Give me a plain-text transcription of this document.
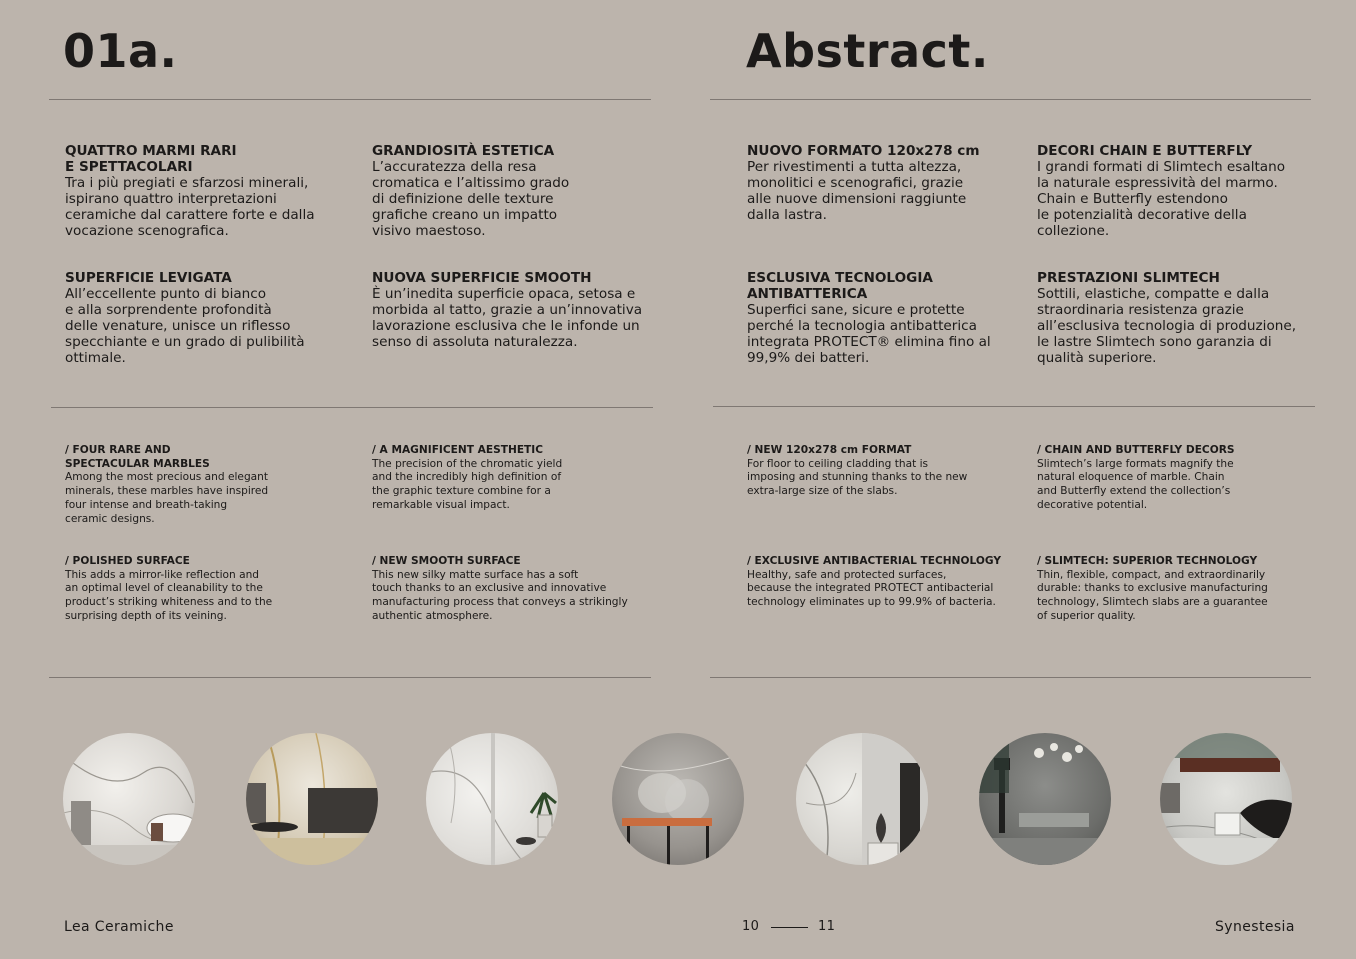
01a.	Abstract.
QUATTRO MARMI RARI
E SPETTACOLARI
Tra i più pregiati e sfarzosi minerali,
ispirano quattro interpretazioni
ceramiche dal carattere forte e dalla
vocazione scenografica.
GRANDIOSITÀ ESTETICA
L’accuratezza della resa
cromatica e l’altissimo grado
di definizione delle texture
grafiche creano un impatto
visivo maestoso.
NUOVO FORMATO 120x278 cm
Per rivestimenti a tutta altezza,
monolitici e scenografici, grazie
alle nuove dimensioni raggiunte
dalla lastra.
DECORI CHAIN E BUTTERFLY
I grandi formati di Slimtech esaltano
la naturale espressività del marmo.
Chain e Butterfly estendono
le potenzialità decorative della
collezione.
SUPERFICIE LEVIGATA
All’eccellente punto di bianco
e alla sorprendente profondità
delle venature, unisce un riflesso
specchiante e un grado di pulibilità
ottimale.
NUOVA SUPERFICIE SMOOTH
È un’inedita superficie opaca, setosa e
morbida al tatto, grazie a un’innovativa
lavorazione esclusiva che le infonde un
senso di assoluta naturalezza.
ESCLUSIVA TECNOLOGIA
ANTIBATTERICA
Superfici sane, sicure e protette
perché la tecnologia antibatterica
integrata PROTECT® elimina fino al
99,9% dei batteri.
PRESTAZIONI SLIMTECH
Sottili, elastiche, compatte e dalla
straordinaria resistenza grazie
all’esclusiva tecnologia di produzione,
le lastre Slimtech sono garanzia di
qualità superiore.
/ FOUR RARE AND
SPECTACULAR MARBLES
Among the most precious and elegant
minerals, these marbles have inspired
four intense and breath-taking
ceramic designs.
/ A MAGNIFICENT AESTHETIC
The precision of the chromatic yield
and the incredibly high definition of
the graphic texture combine for a
remarkable visual impact.
/ NEW 120x278 cm FORMAT
For floor to ceiling cladding that is
imposing and stunning thanks to the new
extra-large size of the slabs.
/ CHAIN AND BUTTERFLY DECORS
Slimtech’s large formats magnify the
natural eloquence of marble. Chain
and Butterfly extend the collection’s
decorative potential.
/ POLISHED SURFACE
This adds a mirror-like reflection and
an optimal level of cleanability to the
product’s striking whiteness and to the
surprising depth of its veining.
/ NEW SMOOTH SURFACE
This new silky matte surface has a soft
touch thanks to an exclusive and innovative
manufacturing process that conveys a strikingly
authentic atmosphere.
/ EXCLUSIVE ANTIBACTERIAL TECHNOLOGY
Healthy, safe and protected surfaces,
because the integrated PROTECT antibacterial
technology eliminates up to 99.9% of bacteria.
/ SLIMTECH: SUPERIOR TECHNOLOGY
Thin, flexible, compact, and extraordinarily
durable: thanks to exclusive manufacturing
technology, Slimtech slabs are a guarantee
of superior quality.
Lea Ceramiche	10	11	Synestesia
